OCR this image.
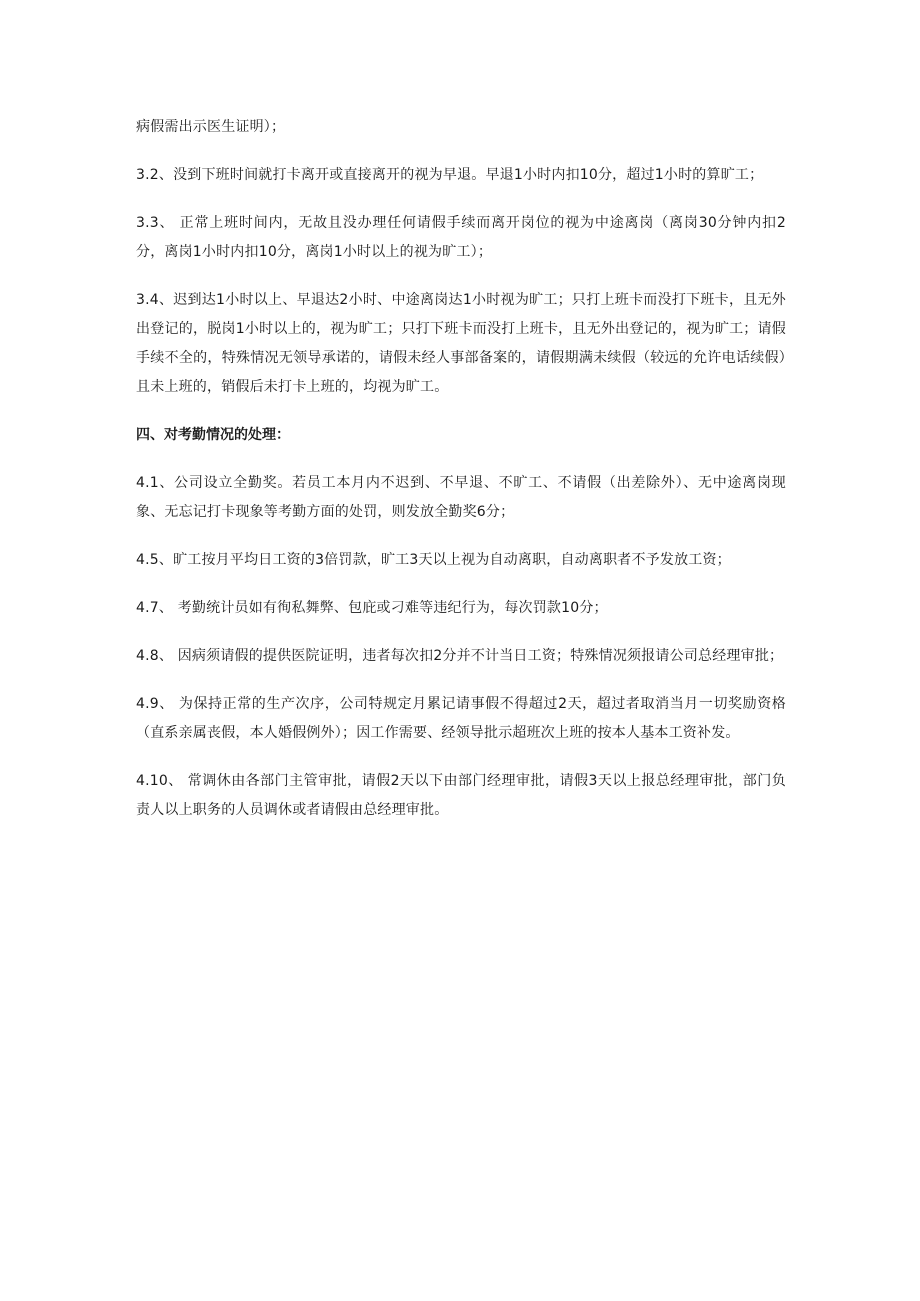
病假需出示医生证明）；

3.2、没到下班时间就打卡离开或直接离开的视为早退。早退1小时内扣10分，超过1小时的算旷工；

3.3、 正常上班时间内，无故且没办理任何请假手续而离开岗位的视为中途离岗（离岗30分钟内扣2分，离岗1小时内扣10分，离岗1小时以上的视为旷工）；

3.4、迟到达1小时以上、早退达2小时、中途离岗达1小时视为旷工；只打上班卡而没打下班卡，且无外出登记的，脱岗1小时以上的，视为旷工；只打下班卡而没打上班卡，且无外出登记的，视为旷工；请假手续不全的，特殊情况无领导承诺的，请假未经人事部备案的，请假期满未续假（较远的允许电话续假）且未上班的，销假后未打卡上班的，均视为旷工。

四、对考勤情况的处理：

4.1、公司设立全勤奖。若员工本月内不迟到、不早退、不旷工、不请假（出差除外）、无中途离岗现象、无忘记打卡现象等考勤方面的处罚，则发放全勤奖6分；

4.5、旷工按月平均日工资的3倍罚款，旷工3天以上视为自动离职，自动离职者不予发放工资；

4.7、 考勤统计员如有徇私舞弊、包庇或刁难等违纪行为，每次罚款10分；

4.8、 因病须请假的提供医院证明，违者每次扣2分并不计当日工资；特殊情况须报请公司总经理审批；

4.9、 为保持正常的生产次序，公司特规定月累记请事假不得超过2天，超过者取消当月一切奖励资格（直系亲属丧假，本人婚假例外）；因工作需要、经领导批示超班次上班的按本人基本工资补发。

4.10、 常调休由各部门主管审批，请假2天以下由部门经理审批，请假3天以上报总经理审批，部门负责人以上职务的人员调休或者请假由总经理审批。
